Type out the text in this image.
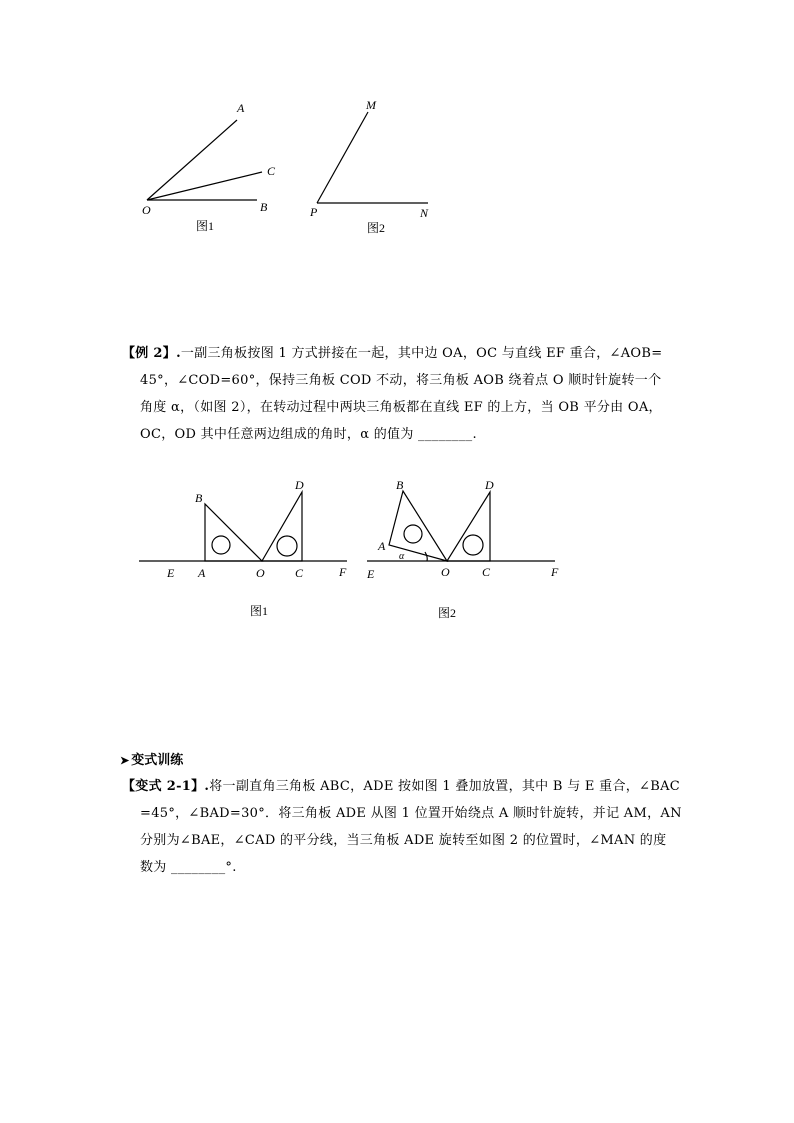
A
C
O	B
图1
M
P	N
图2
【例 2】.一副三角板按图 1 方式拼接在一起，其中边 OA，OC 与直线 EF 重合，∠AOB=
45°，∠COD=60°，保持三角板 COD 不动，将三角板 AOB 绕着点 O 顺时针旋转一个
角度 α，（如图 2），在转动过程中两块三角板都在直线 EF 的上方，当 OB 平分由 OA，
OC，OD 其中任意两边组成的角时，α 的值为 ________.
B
D
E A	O	C	F
图1
B	D
A
α
E	O	C	F
图2
➤ 变式训练
【变式 2-1】.将一副直角三角板 ABC，ADE 按如图 1 叠加放置，其中 B 与 E 重合，∠BAC
=45°，∠BAD=30°．将三角板 ADE 从图 1 位置开始绕点 A 顺时针旋转，并记 AM，AN
分别为∠BAE，∠CAD 的平分线，当三角板 ADE 旋转至如图 2 的位置时，∠MAN 的度
数为 ________°.
